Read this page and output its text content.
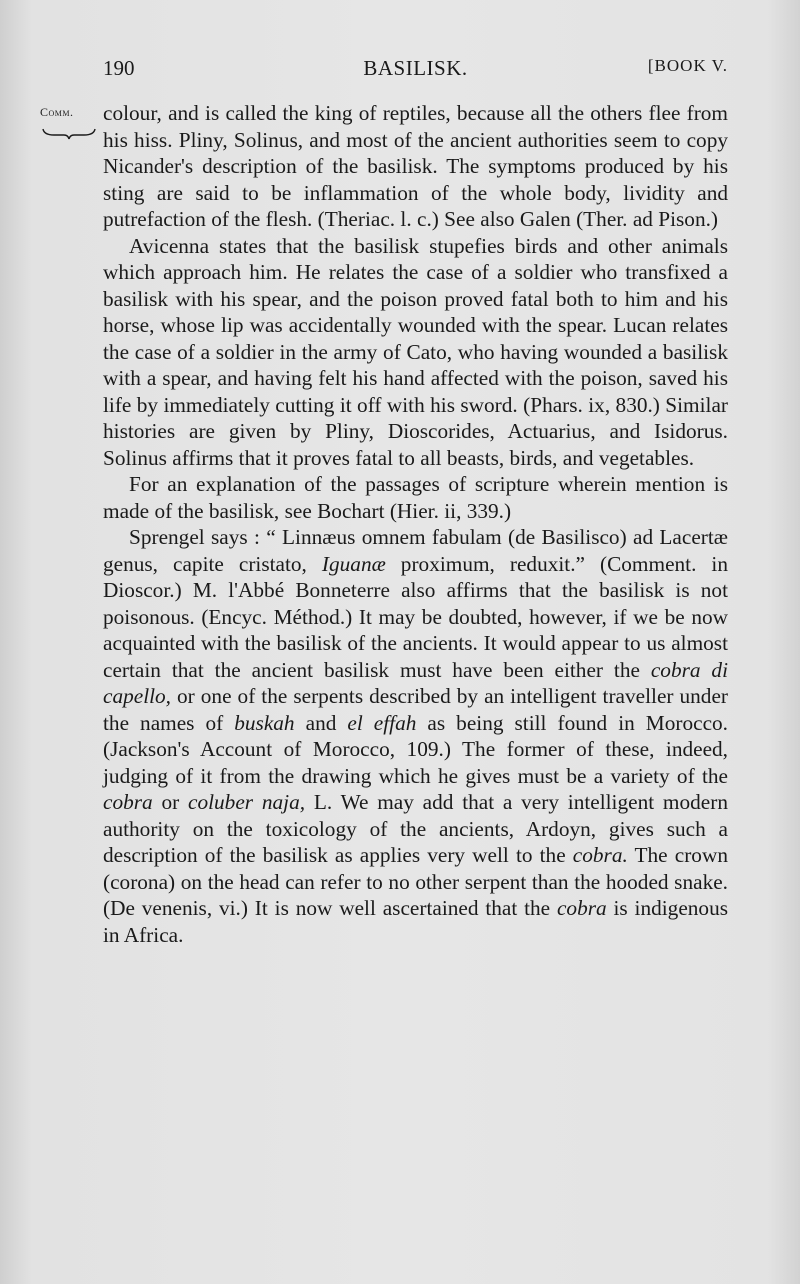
190	BASILISK.	[BOOK V.
Comm. colour, and is called the king of reptiles, because all the others flee from his hiss. Pliny, Solinus, and most of the ancient authorities seem to copy Nicander's description of the basilisk. The symptoms produced by his sting are said to be inflammation of the whole body, lividity and putrefaction of the flesh. (Theriac. l. c.) See also Galen (Ther. ad Pison.)

Avicenna states that the basilisk stupefies birds and other animals which approach him. He relates the case of a soldier who transfixed a basilisk with his spear, and the poison proved fatal both to him and his horse, whose lip was accidentally wounded with the spear. Lucan relates the case of a soldier in the army of Cato, who having wounded a basilisk with a spear, and having felt his hand affected with the poison, saved his life by immediately cutting it off with his sword. (Phars. ix, 830.) Similar histories are given by Pliny, Dioscorides, Actuarius, and Isidorus. Solinus affirms that it proves fatal to all beasts, birds, and vegetables.

For an explanation of the passages of scripture wherein mention is made of the basilisk, see Bochart (Hier. ii, 339.)

Sprengel says : “ Linnæus omnem fabulam (de Basilisco) ad Lacertæ genus, capite cristato, Iguanæ proximum, reduxit.” (Comment. in Dioscor.) M. l'Abbé Bonneterre also affirms that the basilisk is not poisonous. (Encyc. Méthod.) It may be doubted, however, if we be now acquainted with the basilisk of the ancients. It would appear to us almost certain that the ancient basilisk must have been either the cobra di capello, or one of the serpents described by an intelligent traveller under the names of buskah and el effah as being still found in Morocco. (Jackson's Account of Morocco, 109.) The former of these, indeed, judging of it from the drawing which he gives must be a variety of the cobra or coluber naja, L. We may add that a very intelligent modern authority on the toxicology of the ancients, Ardoyn, gives such a description of the basilisk as applies very well to the cobra. The crown (corona) on the head can refer to no other serpent than the hooded snake. (De venenis, vi.) It is now well ascertained that the cobra is indigenous in Africa.
